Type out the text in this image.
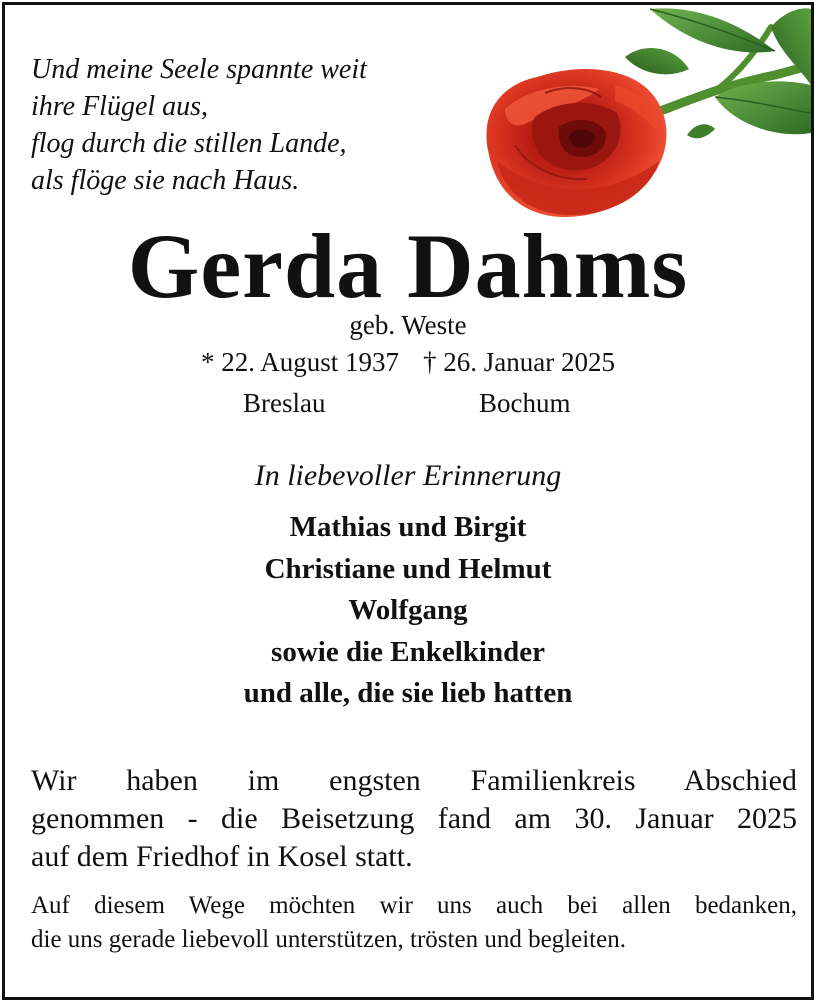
Und meine Seele spannte weit
ihre Flügel aus,
flog durch die stillen Lande,
als flöge sie nach Haus.
Gerda Dahms
geb. Weste
* 22. August 1937 † 26. Januar 2025
Breslau	Bochum
In liebevoller Erinnerung
Mathias und Birgit
Christiane und Helmut
Wolfgang
sowie die Enkelkinder
und alle, die sie lieb hatten

Wir haben im engsten Familienkreis Abschied
genommen - die Beisetzung fand am 30. Januar 2025
auf dem Friedhof in Kosel statt.

Auf diesem Wege möchten wir uns auch bei allen bedanken,
die uns gerade liebevoll unterstützen, trösten und begleiten.
